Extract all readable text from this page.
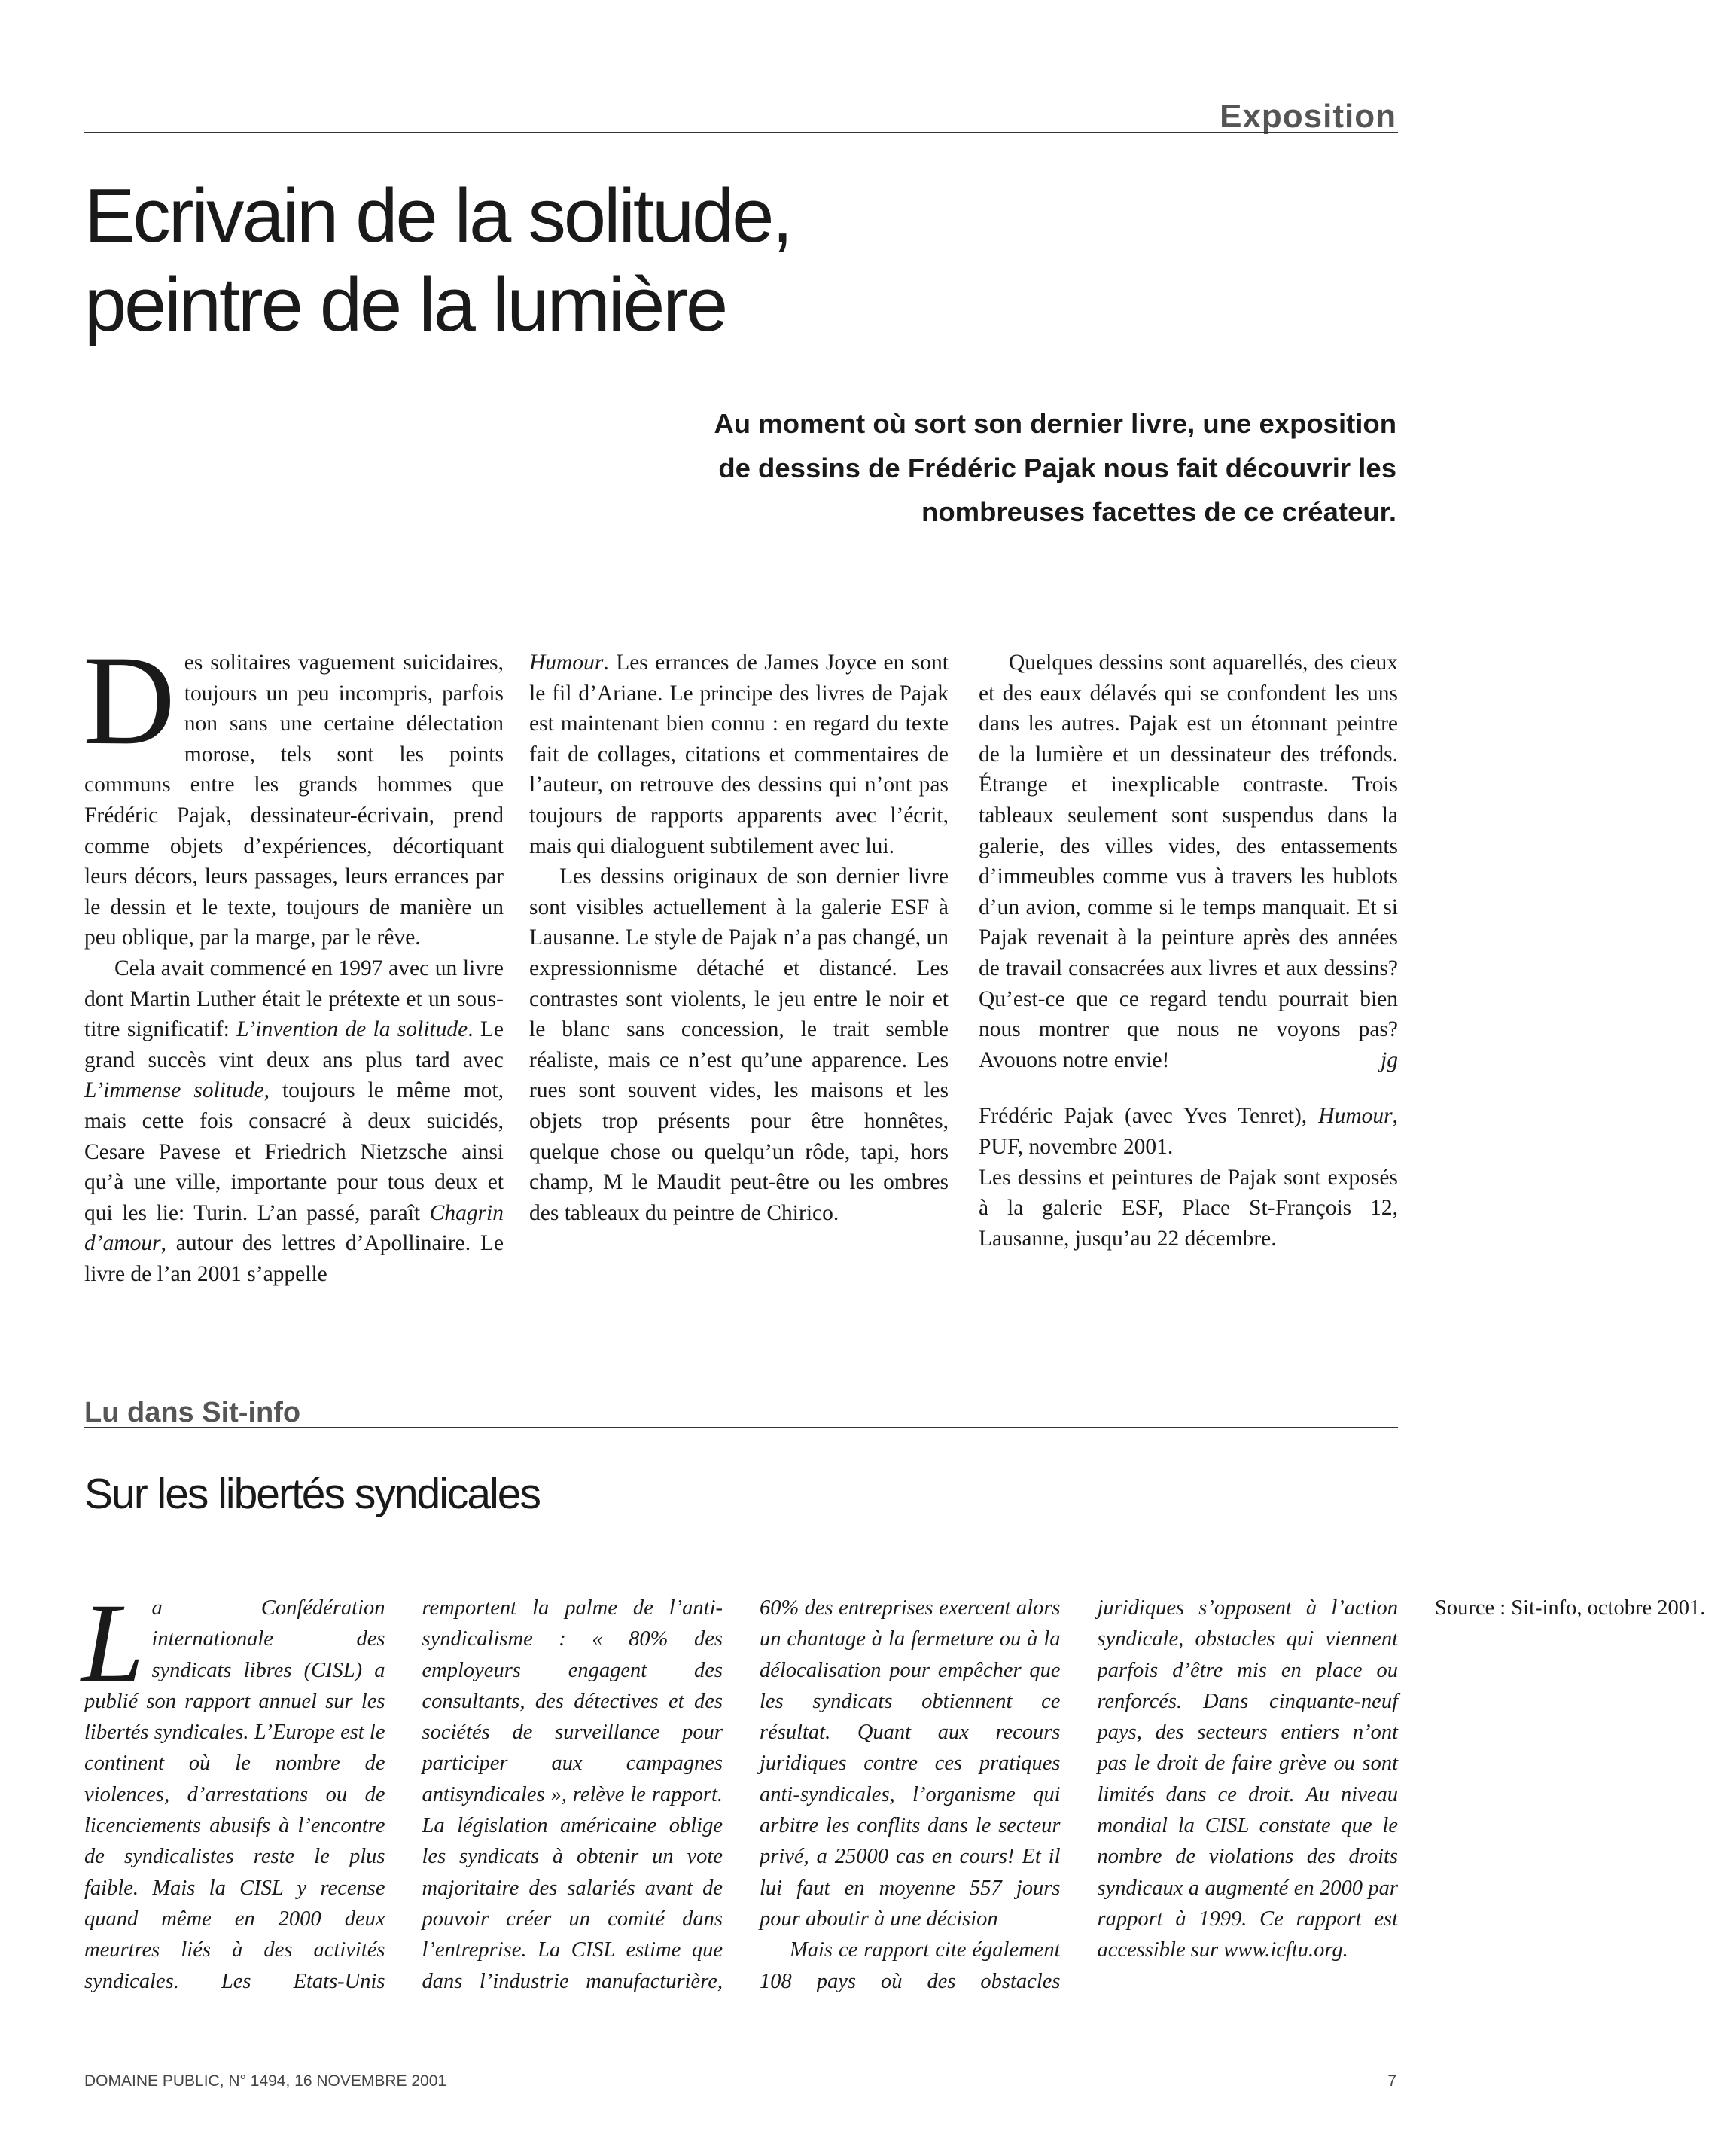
Exposition
Ecrivain de la solitude,
peintre de la lumière
Au moment où sort son dernier livre, une exposition
de dessins de Frédéric Pajak nous fait découvrir les
nombreuses facettes de ce créateur.

Des solitaires vaguement suicidaires, toujours un peu incompris, parfois non sans une certaine délectation morose, tels sont les points communs entre les grands hommes que Frédéric Pajak, dessinateur-écrivain, prend comme objets d’expériences, décortiquant leurs décors, leurs passages, leurs errances par le dessin et le texte, toujours de manière un peu oblique, par la marge, par le rêve.

Cela avait commencé en 1997 avec un livre dont Martin Luther était le prétexte et un sous-titre significatif: L’invention de la solitude. Le grand succès vint deux ans plus tard avec L’immense solitude, toujours le même mot, mais cette fois consacré à deux suicidés, Cesare Pavese et Friedrich Nietzsche ainsi qu’à une ville, importante pour tous deux et qui les lie: Turin. L’an passé, paraît Chagrin d’amour, autour des lettres d’Apollinaire. Le livre de l’an 2001 s’appelle

Humour. Les errances de James Joyce en sont le fil d’Ariane. Le principe des livres de Pajak est maintenant bien connu : en regard du texte fait de collages, citations et commentaires de l’auteur, on retrouve des dessins qui n’ont pas toujours de rapports apparents avec l’écrit, mais qui dialoguent subtilement avec lui.

Les dessins originaux de son dernier livre sont visibles actuellement à la galerie ESF à Lausanne. Le style de Pajak n’a pas changé, un expressionnisme détaché et distancé. Les contrastes sont violents, le jeu entre le noir et le blanc sans concession, le trait semble réaliste, mais ce n’est qu’une apparence. Les rues sont souvent vides, les maisons et les objets trop présents pour être honnêtes, quelque chose ou quelqu’un rôde, tapi, hors champ, M le Maudit peut-être ou les ombres des tableaux du peintre de Chirico.

Quelques dessins sont aquarellés, des cieux et des eaux délavés qui se confondent les uns dans les autres. Pajak est un étonnant peintre de la lumière et un dessinateur des tréfonds. Étrange et inexplicable contraste. Trois tableaux seulement sont suspendus dans la galerie, des villes vides, des entassements d’immeubles comme vus à travers les hublots d’un avion, comme si le temps manquait. Et si Pajak revenait à la peinture après des années de travail consacrées aux livres et aux dessins? Qu’est-ce que ce regard tendu pourrait bien nous montrer que nous ne voyons pas? Avouons notre envie!	jg

Frédéric Pajak (avec Yves Tenret), Humour, PUF, novembre 2001.

Les dessins et peintures de Pajak sont exposés à la galerie ESF, Place St-François 12, Lausanne, jusqu’au 22 décembre.

Lu dans Sit-info
Sur les libertés syndicales

La Confédération internationale des syndicats libres (CISL) a publié son rapport annuel sur les libertés syndicales. L’Europe est le continent où le nombre de violences, d’arrestations ou de licenciements abusifs à l’encontre de syndicalistes reste le plus faible. Mais la CISL y recense quand même en 2000 deux meurtres liés à des activités syndicales. Les Etats-Unis remportent la palme de l’anti-syndicalisme : « 80% des employeurs engagent des consultants, des détectives et des sociétés de surveillance pour participer aux campagnes antisyndicales », relève le rapport. La législation américaine oblige les syndicats à obtenir un vote majoritaire des salariés avant de pouvoir créer un comité dans l’entreprise. La CISL estime que dans l’industrie manufacturière, 60% des entreprises exercent alors un chantage à la fermeture ou à la délocalisation pour empêcher que les syndicats obtiennent ce résultat. Quant aux recours juridiques contre ces pratiques anti-syndicales, l’organisme qui arbitre les conflits dans le secteur privé, a 25000 cas en cours! Et il lui faut en moyenne 557 jours pour aboutir à une décision

Mais ce rapport cite également 108 pays où des obstacles juridiques s’opposent à l’action syndicale, obstacles qui viennent parfois d’être mis en place ou renforcés. Dans cinquante-neuf pays, des secteurs entiers n’ont pas le droit de faire grève ou sont limités dans ce droit. Au niveau mondial la CISL constate que le nombre de violations des droits syndicaux a augmenté en 2000 par rapport à 1999. Ce rapport est accessible sur www.icftu.org.

Source : Sit-info, octobre 2001.

DOMAINE PUBLIC, N° 1494, 16 NOVEMBRE 2001	7
